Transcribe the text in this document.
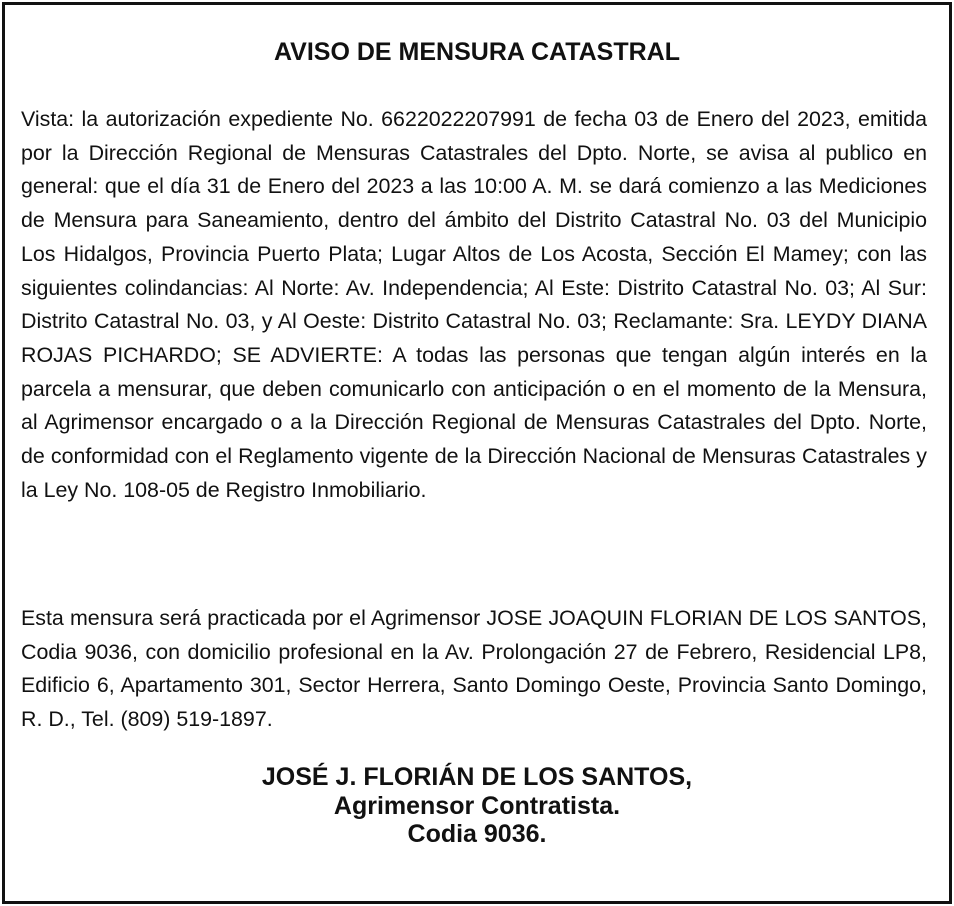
AVISO DE MENSURA CATASTRAL

Vista: la autorización expediente No. 6622022207991 de fecha 03 de Enero del 2023, emitida por la Dirección Regional de Mensuras Catastrales del Dpto. Norte, se avisa al publico en general: que el día 31 de Enero del 2023 a las 10:00 A. M. se dará comienzo a las Mediciones de Mensura para Saneamiento, dentro del ámbito del Distrito Catastral No. 03 del Municipio Los Hidalgos, Provincia Puerto Plata; Lugar Altos de Los Acosta, Sección El Mamey; con las siguientes colindancias: Al Norte: Av. Independencia; Al Este: Distrito Catastral No. 03; Al Sur: Distrito Catastral No. 03, y Al Oeste: Distrito Catastral No. 03; Reclamante: Sra. LEYDY DIANA ROJAS PICHARDO; SE ADVIERTE: A todas las personas que tengan algún interés en la parcela a mensurar, que deben comunicarlo con anticipación o en el momento de la Mensura, al Agrimensor encargado o a la Dirección Regional de Mensuras Catastrales del Dpto. Norte, de conformidad con el Reglamento vigente de la Dirección Nacional de Mensuras Catastrales y la Ley No. 108-05 de Registro Inmobiliario.

Esta mensura será practicada por el Agrimensor JOSE JOAQUIN FLORIAN DE LOS SANTOS, Codia 9036, con domicilio profesional en la Av. Prolongación 27 de Febrero, Residencial LP8, Edificio 6, Apartamento 301, Sector Herrera, Santo Domingo Oeste, Provincia Santo Domingo, R. D., Tel. (809) 519-1897.

JOSÉ J. FLORIÁN DE LOS SANTOS,
Agrimensor Contratista.
Codia 9036.
